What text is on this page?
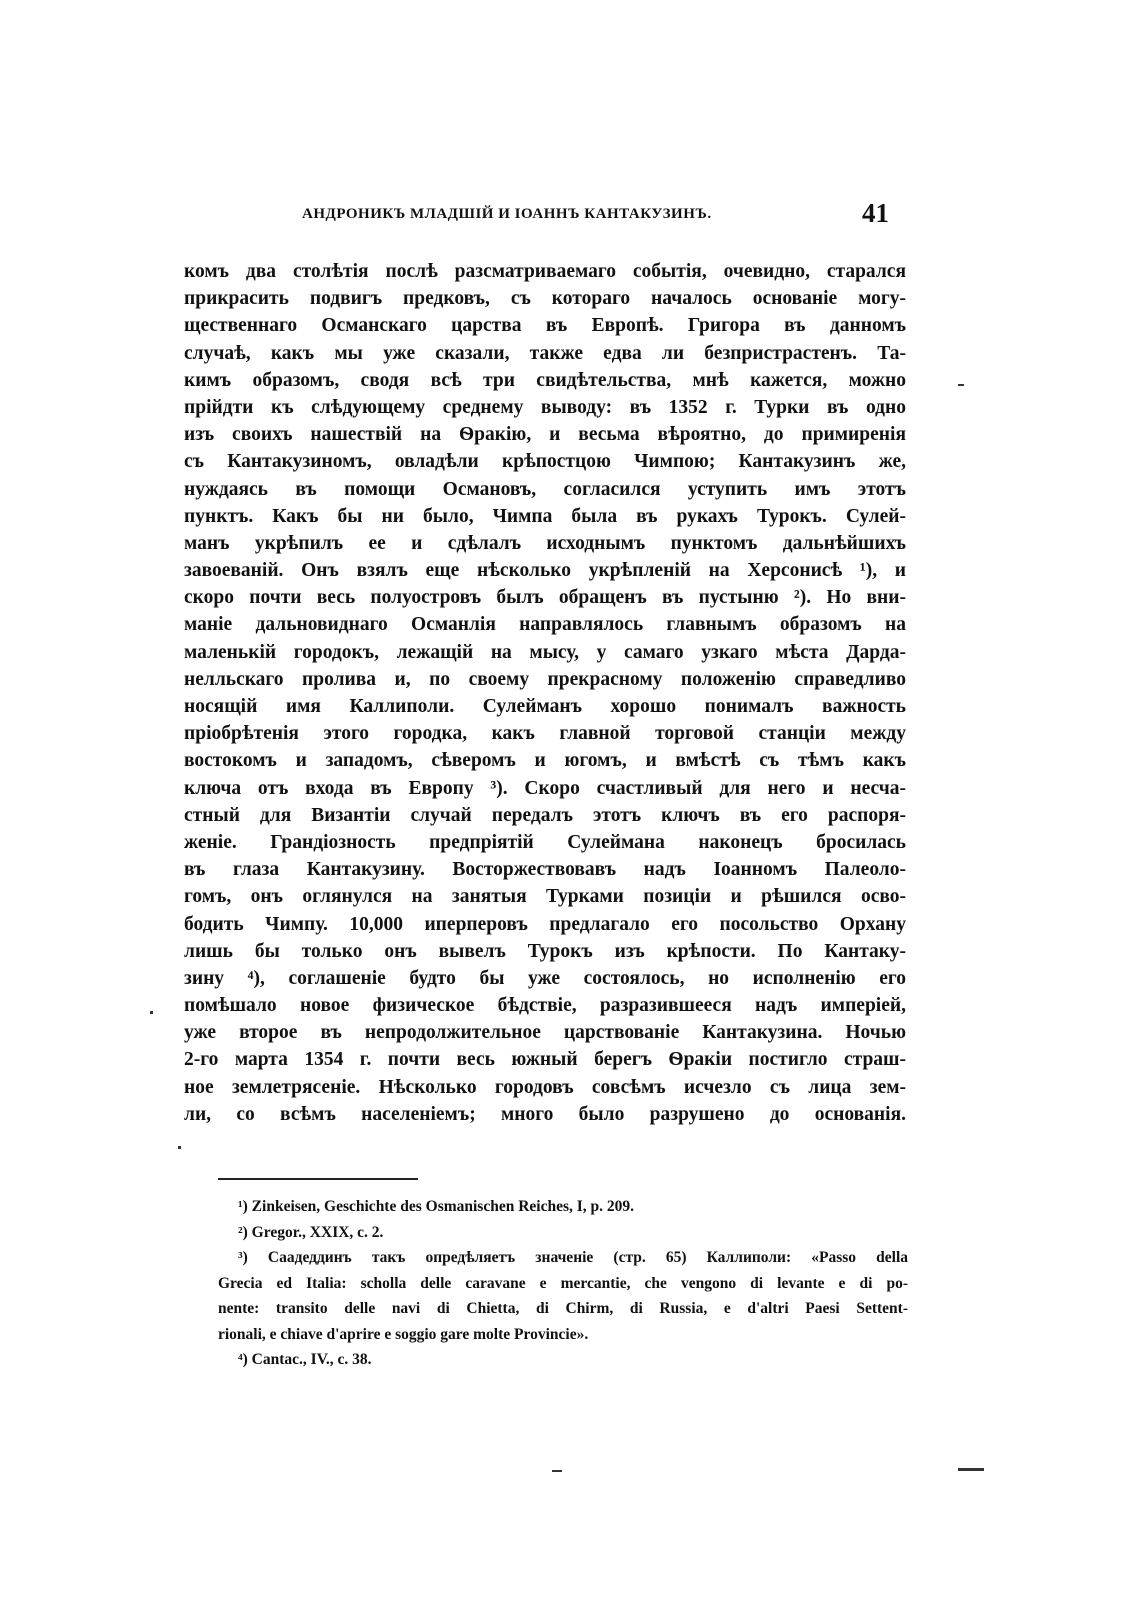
АНДРОНИКЪ МЛАДШІЙ И ІОАННЪ КАНТАКУЗИНЪ.	41
комъ два столѣтія послѣ разсматриваемаго событія, очевидно, старался
прикрасить подвигъ предковъ, съ котораго началось основаніе могу-
щественнаго Османскаго царства въ Европѣ. Григора въ данномъ
случаѣ, какъ мы уже сказали, также едва ли безпристрастенъ. Та-
кимъ образомъ, сводя всѣ три свидѣтельства, мнѣ кажется, можно
прійдти къ слѣдующему среднему выводу: въ 1352 г. Турки въ одно
изъ своихъ нашествій на Ѳракію, и весьма вѣроятно, до примиренія
съ Кантакузиномъ, овладѣли крѣпостцою Чимпою; Кантакузинъ же,
нуждаясь въ помощи Османовъ, согласился уступить имъ этотъ
пунктъ. Какъ бы ни было, Чимпа была въ рукахъ Турокъ. Сулей-
манъ укрѣпилъ ее и сдѣлалъ исходнымъ пунктомъ дальнѣйшихъ
завоеваній. Онъ взялъ еще нѣсколько укрѣпленій на Херсонисѣ ¹), и
скоро почти весь полуостровъ былъ обращенъ въ пустыню ²). Но вни-
маніе дальновиднаго Османлія направлялось главнымъ образомъ на
маленькій городокъ, лежащій на мысу, у самаго узкаго мѣста Дарда-
нелльскаго пролива и, по своему прекрасному положенію справедливо
носящій имя Каллиполи. Сулейманъ хорошо понималъ важность
пріобрѣтенія этого городка, какъ главной торговой станціи между
востокомъ и западомъ, сѣверомъ и югомъ, и вмѣстѣ съ тѣмъ какъ
ключа отъ входа въ Европу ³). Скоро счастливый для него и несча-
стный для Византіи случай передалъ этотъ ключъ въ его распоря-
женіе. Грандіозность предпріятій Сулеймана наконецъ бросилась
въ глаза Кантакузину. Восторжествовавъ надъ Іоанномъ Палеоло-
гомъ, онъ оглянулся на занятыя Турками позиціи и рѣшился осво-
бодить Чимпу. 10,000 иперперовъ предлагало его посольство Орхану
лишь бы только онъ вывелъ Турокъ изъ крѣпости. По Кантаку-
зину ⁴), соглашеніе будто бы уже состоялось, но исполненію его
помѣшало новое физическое бѣдствіе, разразившееся надъ имперіей,
уже второе въ непродолжительное царствованіе Кантакузина. Ночью
2-го марта 1354 г. почти весь южный берегъ Ѳракіи постигло страш-
ное землетрясеніе. Нѣсколько городовъ совсѣмъ исчезло съ лица зем-
ли, со всѣмъ населеніемъ; много было разрушено до основанія.
¹) Zinkeisen, Geschichte des Osmanischen Reiches, I, p. 209.
²) Gregor., XXIX, c. 2.
³) Саадеддинъ такъ опредѣляетъ значеніе (стр. 65) Каллиполи: «Passo della
Grecia ed Italia: scholla delle caravane e mercantie, che vengono di levante e di po-
nente: transito delle navi di Chietta, di Chirm, di Russia, e d'altri Paesi Settent-
rionali, e chiave d'aprire e soggio gare molte Provincie».
⁴) Cantac., IV., c. 38.
